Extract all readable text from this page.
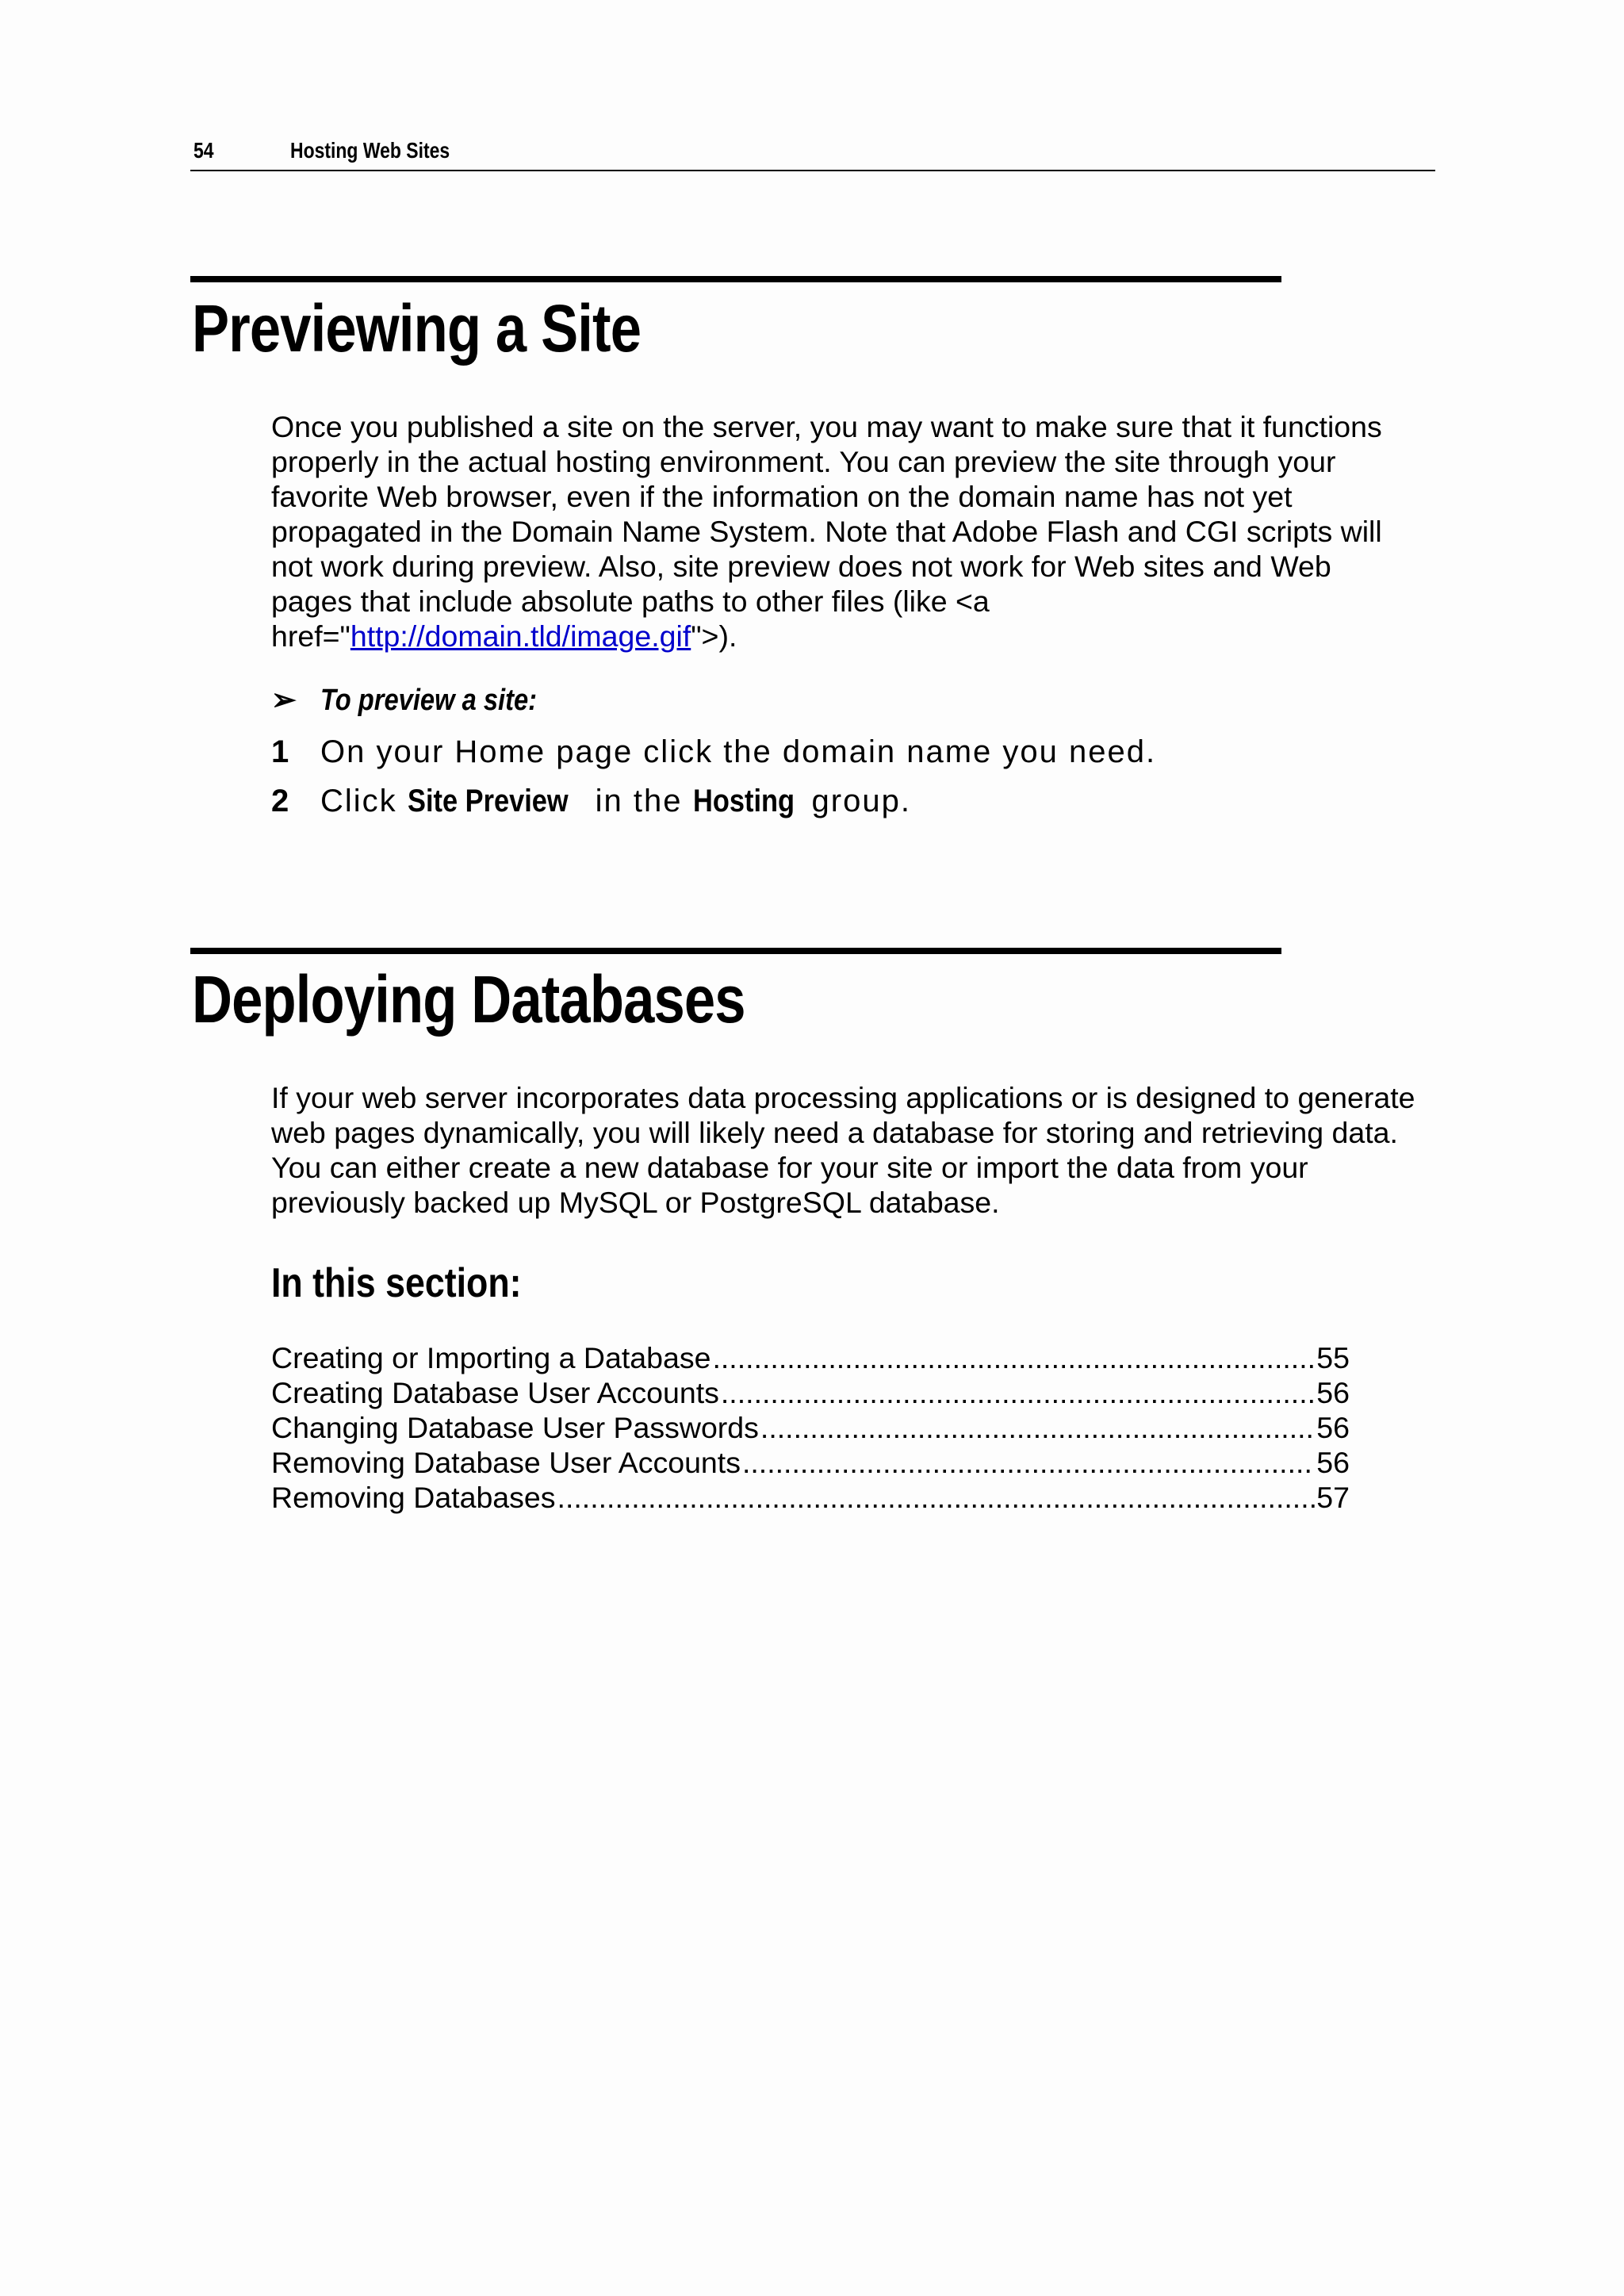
54	Hosting Web Sites
Previewing a Site
Once you published a site on the server, you may want to make sure that it functions
properly in the actual hosting environment. You can preview the site through your
favorite Web browser, even if the information on the domain name has not yet
propagated in the Domain Name System. Note that Adobe Flash and CGI scripts will
not work during preview. Also, site preview does not work for Web sites and Web
pages that include absolute paths to other files (like <a
href="http://domain.tld/image.gif">).
➢ To preview a site:
1 On your Home page click the domain name you need.
2 Click Site Preview in the Hosting group.
Deploying Databases
If your web server incorporates data processing applications or is designed to generate
web pages dynamically, you will likely need a database for storing and retrieving data.
You can either create a new database for your site or import the data from your
previously backed up MySQL or PostgreSQL database.
In this section:
Creating or Importing a Database .....	55
Creating Database User Accounts .....	56
Changing Database User Passwords .....	56
Removing Database User Accounts .....	56
Removing Databases .....	57
